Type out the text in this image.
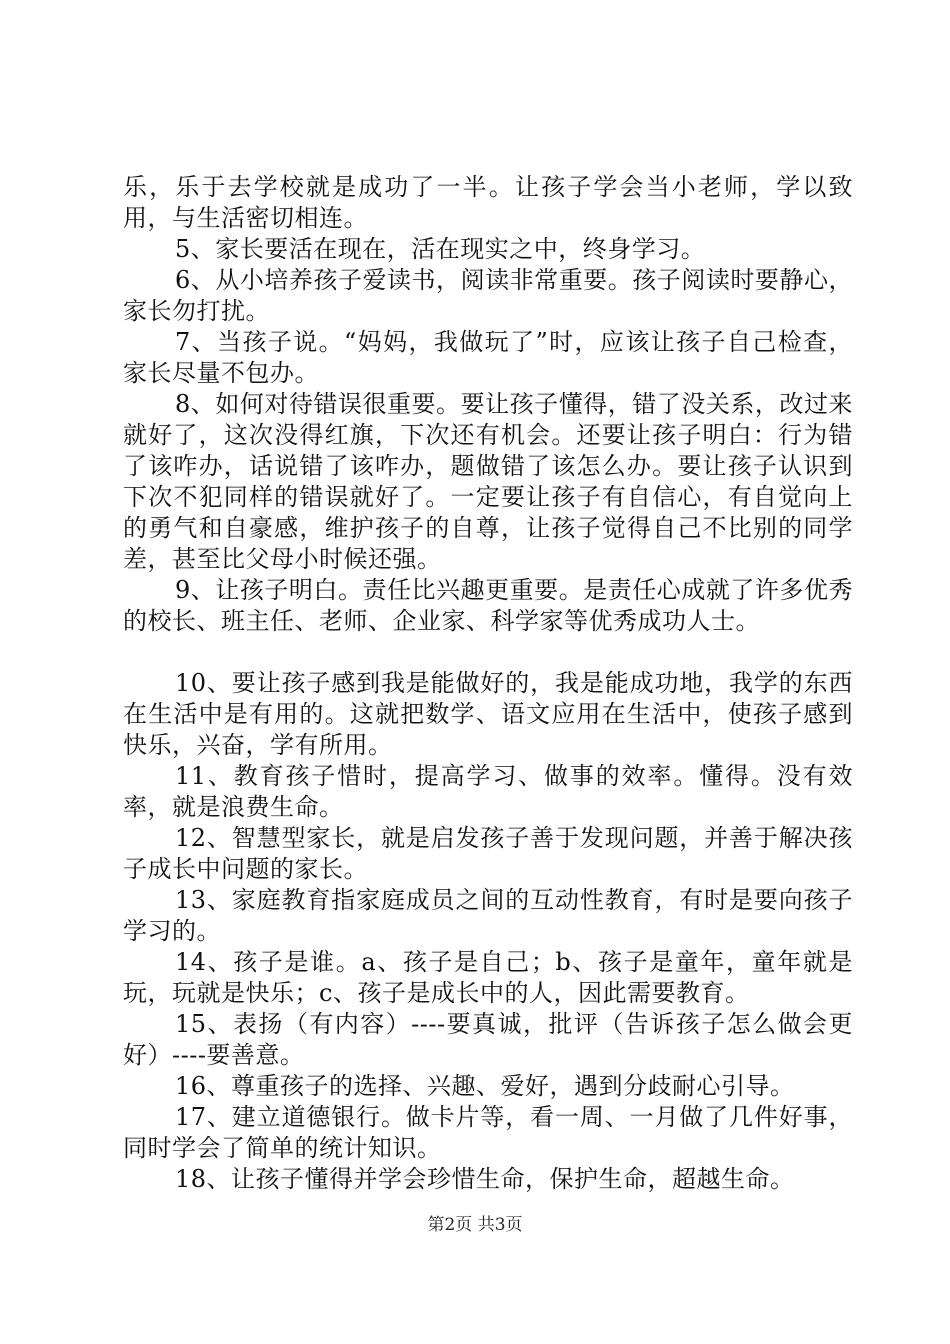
乐，乐于去学校就是成功了一半。让孩子学会当小老师，学以致用，与生活密切相连。

5、家长要活在现在，活在现实之中，终身学习。

6、从小培养孩子爱读书，阅读非常重要。孩子阅读时要静心，家长勿打扰。

7、当孩子说。“妈妈，我做玩了”时，应该让孩子自己检查，家长尽量不包办。

8、如何对待错误很重要。要让孩子懂得，错了没关系，改过来就好了，这次没得红旗，下次还有机会。还要让孩子明白：行为错了该咋办，话说错了该咋办，题做错了该怎么办。要让孩子认识到下次不犯同样的错误就好了。一定要让孩子有自信心，有自觉向上的勇气和自豪感，维护孩子的自尊，让孩子觉得自己不比别的同学差，甚至比父母小时候还强。

9、让孩子明白。责任比兴趣更重要。是责任心成就了许多优秀的校长、班主任、老师、企业家、科学家等优秀成功人士。

10、要让孩子感到我是能做好的，我是能成功地，我学的东西在生活中是有用的。这就把数学、语文应用在生活中，使孩子感到快乐，兴奋，学有所用。

11、教育孩子惜时，提高学习、做事的效率。懂得。没有效率，就是浪费生命。

12、智慧型家长，就是启发孩子善于发现问题，并善于解决孩子成长中问题的家长。

13、家庭教育指家庭成员之间的互动性教育，有时是要向孩子学习的。

14、孩子是谁。a、孩子是自己；b、孩子是童年，童年就是玩，玩就是快乐；c、孩子是成长中的人，因此需要教育。

15、表扬（有内容）----要真诚，批评（告诉孩子怎么做会更好）----要善意。

16、尊重孩子的选择、兴趣、爱好，遇到分歧耐心引导。

17、建立道德银行。做卡片等，看一周、一月做了几件好事，同时学会了简单的统计知识。

18、让孩子懂得并学会珍惜生命，保护生命，超越生命。

第2页 共3页
